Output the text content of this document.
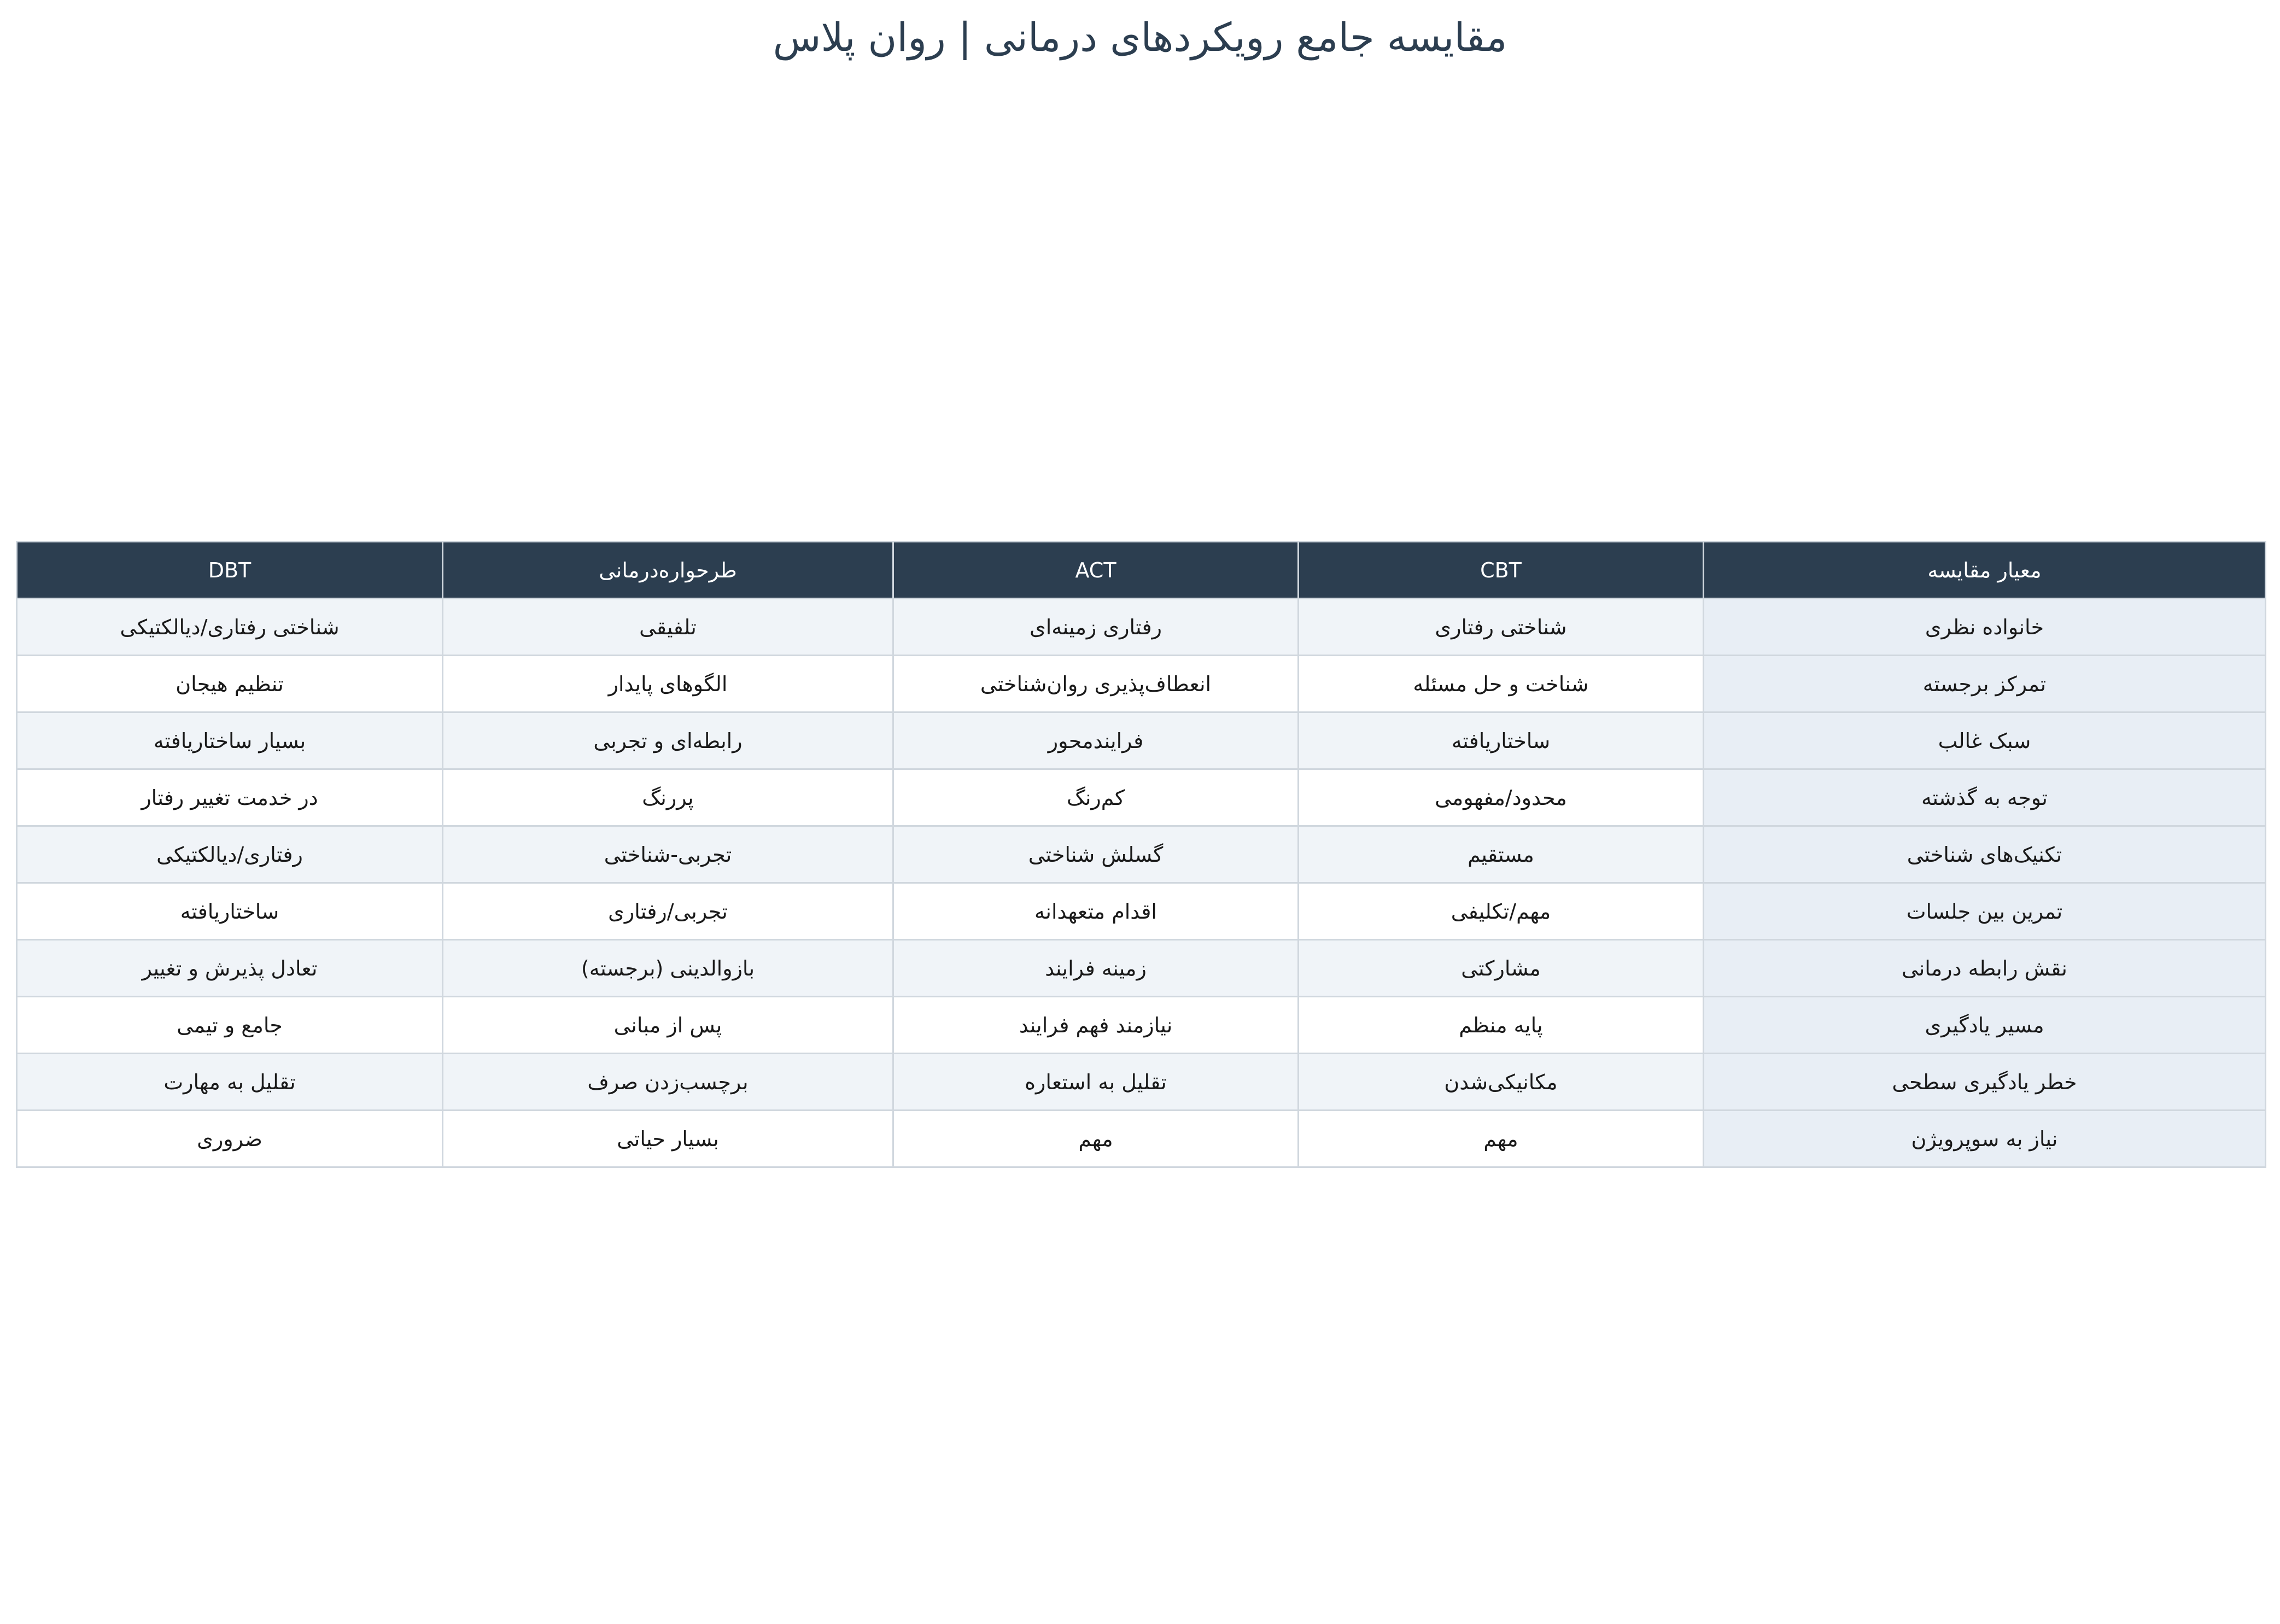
مقایسه جامع رویکردهای درمانی | روان پلاس
معیار مقایسه	CBT	ACT	طرحواره‌درمانی	DBT
خانواده نظری	شناختی رفتاری	رفتاری زمینه‌ای	تلفیقی	شناختی رفتاری/دیالکتیکی
تمرکز برجسته	شناخت و حل مسئله	انعطاف‌پذیری روان‌شناختی	الگوهای پایدار	تنظیم هیجان
سبک غالب	ساختاریافته	فرایندمحور	رابطه‌ای و تجربی	بسیار ساختاریافته
توجه به گذشته	محدود/مفهومی	کم‌رنگ	پررنگ	در خدمت تغییر رفتار
تکنیک‌های شناختی	مستقیم	گسلش شناختی	تجربی-شناختی	رفتاری/دیالکتیکی
تمرین بین جلسات	مهم/تکلیفی	اقدام متعهدانه	تجربی/رفتاری	ساختاریافته
نقش رابطه درمانی	مشارکتی	زمینه فرایند	بازوالدینی (برجسته)	تعادل پذیرش و تغییر
مسیر یادگیری	پایه منظم	نیازمند فهم فرایند	پس از مبانی	جامع و تیمی
خطر یادگیری سطحی	مکانیکی‌شدن	تقلیل به استعاره	برچسب‌زدن صرف	تقلیل به مهارت
نیاز به سوپرویژن	مهم	مهم	بسیار حیاتی	ضروری
